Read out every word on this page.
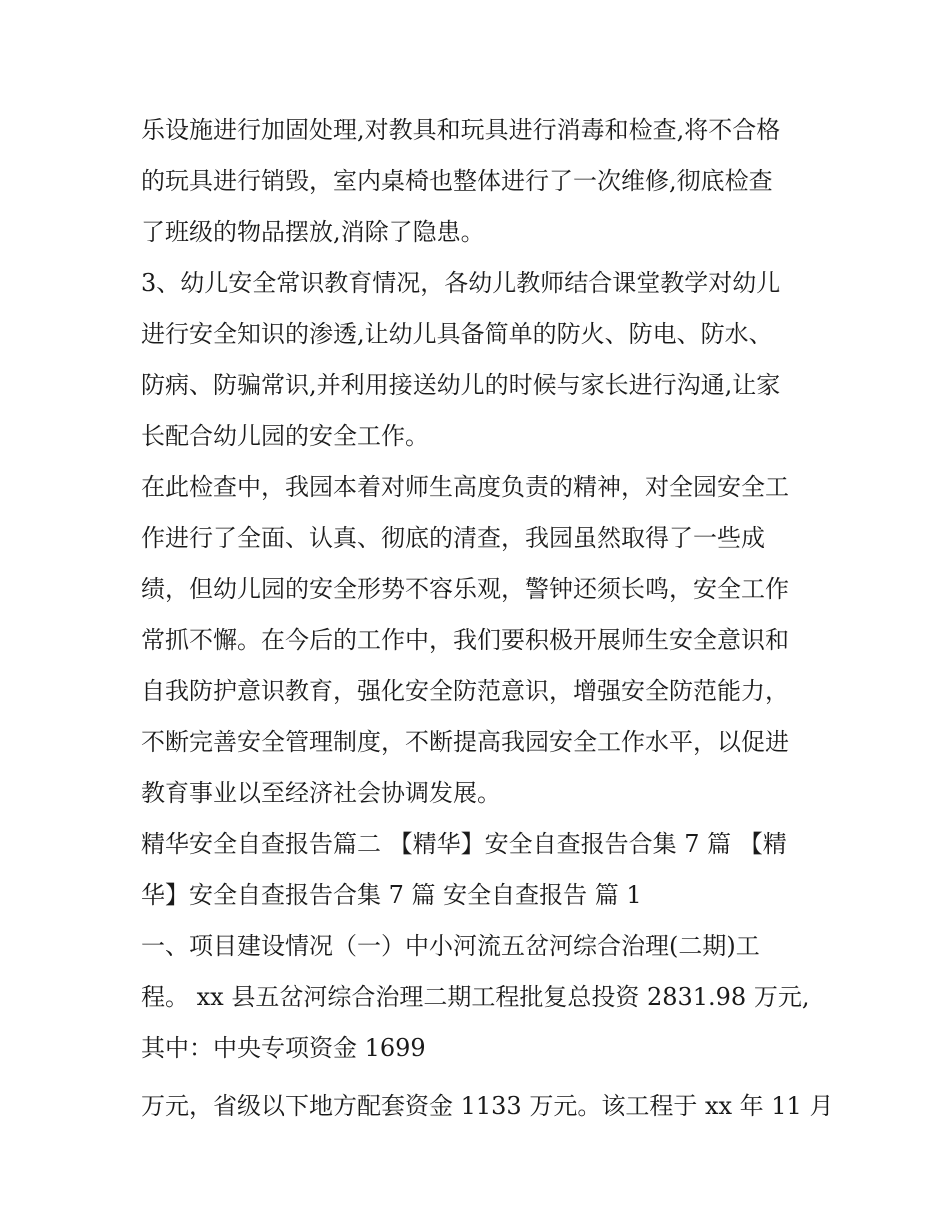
乐设施进行加固处理,对教具和玩具进行消毒和检查,将不合格
的玩具进行销毁，室内桌椅也整体进行了一次维修,彻底检查
了班级的物品摆放,消除了隐患。
3、幼儿安全常识教育情况，各幼儿教师结合课堂教学对幼儿
进行安全知识的渗透,让幼儿具备简单的防火、防电、防水、
防病、防骗常识,并利用接送幼儿的时候与家长进行沟通,让家
长配合幼儿园的安全工作。
在此检查中，我园本着对师生高度负责的精神，对全园安全工
作进行了全面、认真、彻底的清查，我园虽然取得了一些成
绩，但幼儿园的安全形势不容乐观，警钟还须长鸣，安全工作
常抓不懈。在今后的工作中，我们要积极开展师生安全意识和
自我防护意识教育，强化安全防范意识，增强安全防范能力，
不断完善安全管理制度，不断提高我园安全工作水平，以促进
教育事业以至经济社会协调发展。
精华安全自查报告篇二 【精华】安全自查报告合集 7 篇 【精
华】安全自查报告合集 7 篇 安全自查报告 篇 1
一、项目建设情况（一）中小河流五岔河综合治理(二期)工
程。 xx 县五岔河综合治理二期工程批复总投资 2831.98 万元,
其中：中央专项资金 1699
万元，省级以下地方配套资金 1133 万元。该工程于 xx 年 11 月
